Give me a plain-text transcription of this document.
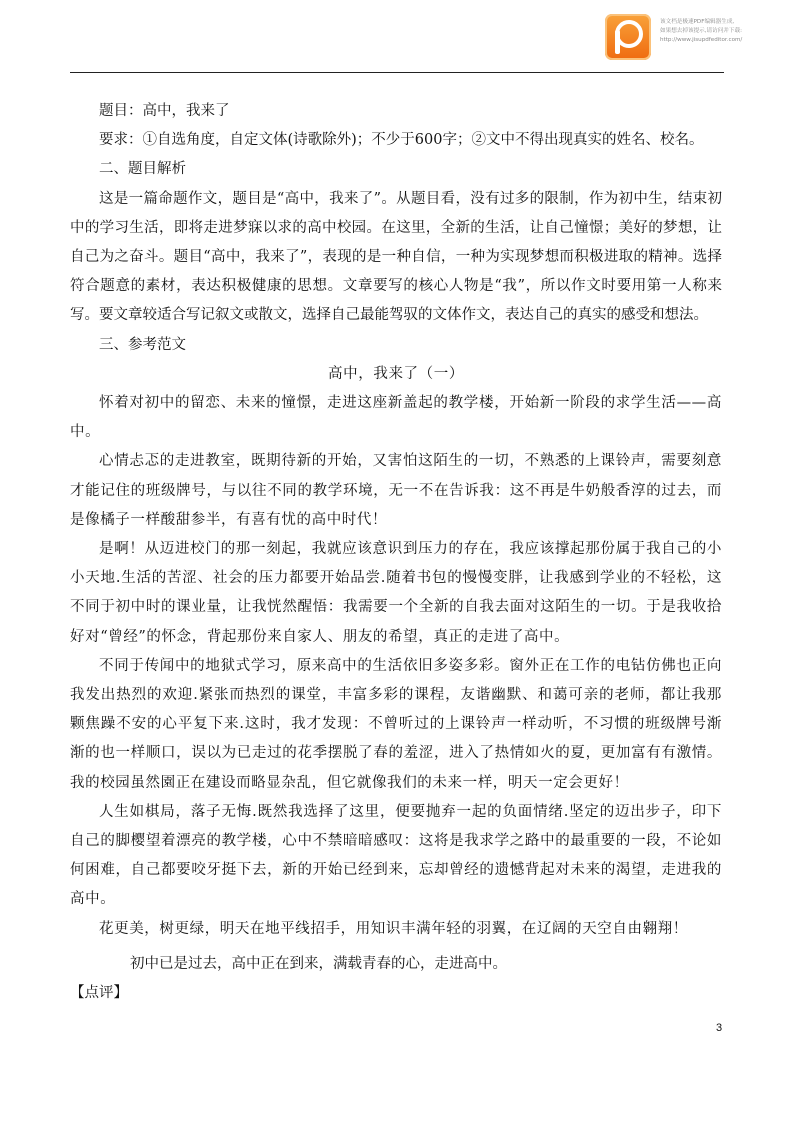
该文档是极速PDF编辑器生成,
如果想去掉该提示,请访问并下载:
http://www.jisupdfeditor.com/

题目：高中，我来了

要求：①自选角度，自定文体(诗歌除外)；不少于600字；②文中不得出现真实的姓名、校名。

二、题目解析

这是一篇命题作文，题目是“高中，我来了”。从题目看，没有过多的限制，作为初中生，结束初中的学习生活，即将走进梦寐以求的高中校园。在这里，全新的生活，让自己憧憬；美好的梦想，让自己为之奋斗。题目“高中，我来了”，表现的是一种自信，一种为实现梦想而积极进取的精神。选择符合题意的素材，表达积极健康的思想。文章要写的核心人物是“我”，所以作文时要用第一人称来写。要文章较适合写记叙文或散文，选择自己最能驾驭的文体作文，表达自己的真实的感受和想法。

三、参考范文

高中，我来了（一）

怀着对初中的留恋、未来的憧憬，走进这座新盖起的教学楼，开始新一阶段的求学生活——高中。

心情忐忑的走进教室，既期待新的开始，又害怕这陌生的一切，不熟悉的上课铃声，需要刻意才能记住的班级牌号，与以往不同的教学环境，无一不在告诉我：这不再是牛奶般香淳的过去，而是像橘子一样酸甜参半，有喜有忧的高中时代！

是啊！从迈进校门的那一刻起，我就应该意识到压力的存在，我应该撑起那份属于我自己的小小天地.生活的苦涩、社会的压力都要开始品尝.随着书包的慢慢变胖，让我感到学业的不轻松，这不同于初中时的课业量，让我恍然醒悟：我需要一个全新的自我去面对这陌生的一切。于是我收拾好对“曾经”的怀念，背起那份来自家人、朋友的希望，真正的走进了高中。

不同于传闻中的地狱式学习，原来高中的生活依旧多姿多彩。窗外正在工作的电钻仿佛也正向我发出热烈的欢迎.紧张而热烈的课堂，丰富多彩的课程，友谐幽默、和蔼可亲的老师，都让我那颗焦躁不安的心平复下来.这时，我才发现：不曾听过的上课铃声一样动听，不习惯的班级牌号渐渐的也一样顺口，误以为已走过的花季摆脱了春的羞涩，进入了热情如火的夏，更加富有有激情。我的校园虽然園正在建设而略显杂乱，但它就像我们的未来一样，明天一定会更好！

人生如棋局，落子无悔.既然我选择了这里，便要抛弃一起的负面情绪.坚定的迈出步子，印下自己的脚樱望着漂亮的教学楼，心中不禁暗暗感叹：这将是我求学之路中的最重要的一段，不论如何困难，自己都要咬牙挺下去，新的开始已经到来，忘却曾经的遗憾背起对未来的渴望，走进我的高中。

花更美，树更绿，明天在地平线招手，用知识丰满年轻的羽翼，在辽阔的天空自由翱翔！

初中已是过去，高中正在到来，满载青春的心，走进高中。

【点评】

3
